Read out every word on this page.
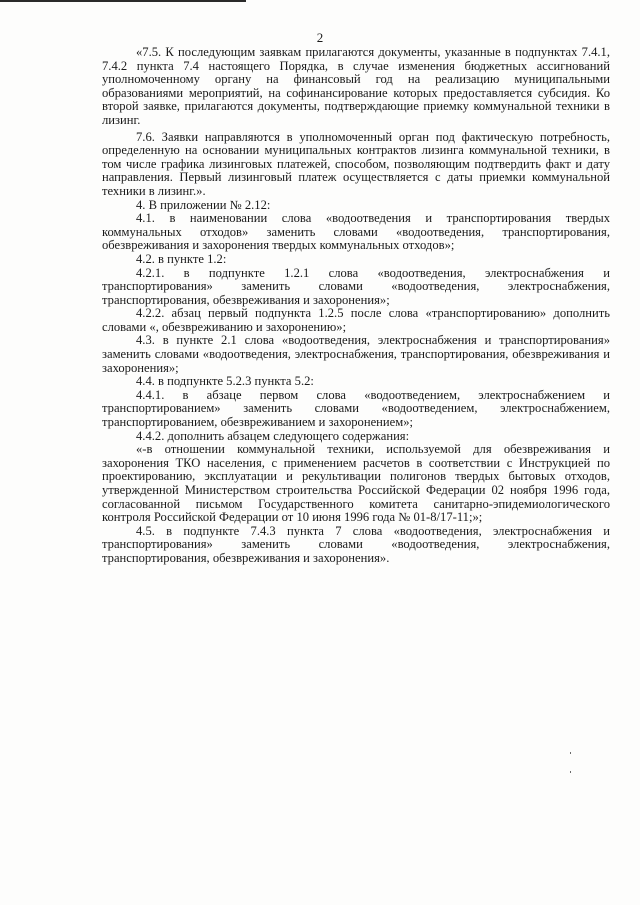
2

«7.5. К последующим заявкам прилагаются документы, указанные в подпунктах 7.4.1, 7.4.2 пункта 7.4 настоящего Порядка, в случае изменения бюджетных ассигнований уполномоченному органу на финансовый год на реализацию муниципальными образованиями мероприятий, на софинансирование которых предоставляется субсидия. Ко второй заявке, прилагаются документы, подтверждающие приемку коммунальной техники в лизинг.

7.6. Заявки направляются в уполномоченный орган под фактическую потребность, определенную на основании муниципальных контрактов лизинга коммунальной техники, в том числе графика лизинговых платежей, способом, позволяющим подтвердить факт и дату направления. Первый лизинговый платеж осуществляется с даты приемки коммунальной техники в лизинг.».

4. В приложении № 2.12:

4.1. в наименовании слова «водоотведения и транспортирования твердых коммунальных отходов» заменить словами «водоотведения, транспортирования, обезвреживания и захоронения твердых коммунальных отходов»;

4.2. в пункте 1.2:

4.2.1. в подпункте 1.2.1 слова «водоотведения, электроснабжения и транспортирования» заменить словами «водоотведения, электроснабжения, транспортирования, обезвреживания и захоронения»;

4.2.2. абзац первый подпункта 1.2.5 после слова «транспортированию» дополнить словами «, обезвреживанию и захоронению»;

4.3. в пункте 2.1 слова «водоотведения, электроснабжения и транспортирования» заменить словами «водоотведения, электроснабжения, транспортирования, обезвреживания и захоронения»;

4.4. в подпункте 5.2.3 пункта 5.2:

4.4.1. в абзаце первом слова «водоотведением, электроснабжением и транспортированием» заменить словами «водоотведением, электроснабжением, транспортированием, обезвреживанием и захоронением»;

4.4.2. дополнить абзацем следующего содержания:

«-в отношении коммунальной техники, используемой для обезвреживания и захоронения ТКО населения, с применением расчетов в соответствии с Инструкцией по проектированию, эксплуатации и рекультивации полигонов твердых бытовых отходов, утвержденной Министерством строительства Российской Федерации 02 ноября 1996 года, согласованной письмом Государственного комитета санитарно-эпидемиологического контроля Российской Федерации от 10 июня 1996 года № 01-8/17-11;»;

4.5. в подпункте 7.4.3 пункта 7 слова «водоотведения, электроснабжения и транспортирования» заменить словами «водоотведения, электроснабжения, транспортирования, обезвреживания и захоронения».
